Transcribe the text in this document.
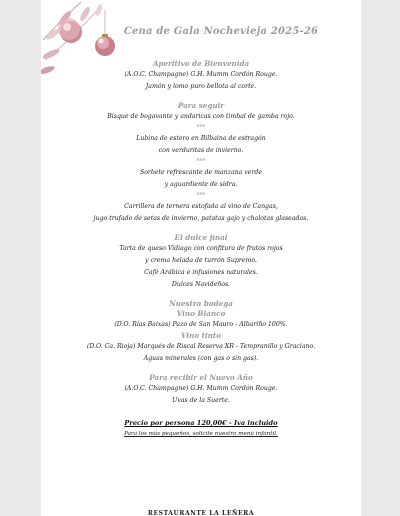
Cena de Gala Nochevieja 2025-26
Aperitivo de Bienvenida
(A.O.C. Champagne) G.H. Mumm Cordón Rouge.
Jamón y lomo puro bellota al corte.
Para seguir
Bisque de bogavante y andaricas con timbal de gamba rojo.
***
Lubina de estero en Bilbaina de estragón
con verduritas de invierno.
***
Sorbete refrescante de manzana verde
y aguardiente de sidra.
***
Carrillera de ternera estofada al vino de Cangas,
jugo trufado de setas de invierno, patatas gajo y chalotas glaseadas.
El dulce final
Tarta de queso Vidiago con confitura de frutos rojos
y crema helada de turrón Supremo.
Café Arábica e infusiones naturales.
Dulces Navideños.
Nuestra bodega
Vino Blanco
(D.O. Rías Baixas) Pazo de San Mauro - Albariño 100%.
Vino tinto
(D.O. Ca. Rioja) Marqués de Riscal Reserva XR - Tempranillo y Graciano.
Aguas minerales (con gas o sin gas).
Para recibir el Nuevo Año
(A.O.C. Champagne) G.H. Mumm Cordón Rouge.
Uvas de la Suerte.
Precio por persona 120,00€ - Iva incluido
Para los más pequeños, solicite nuestro menú infantil.
RESTAURANTE LA LEÑERA
